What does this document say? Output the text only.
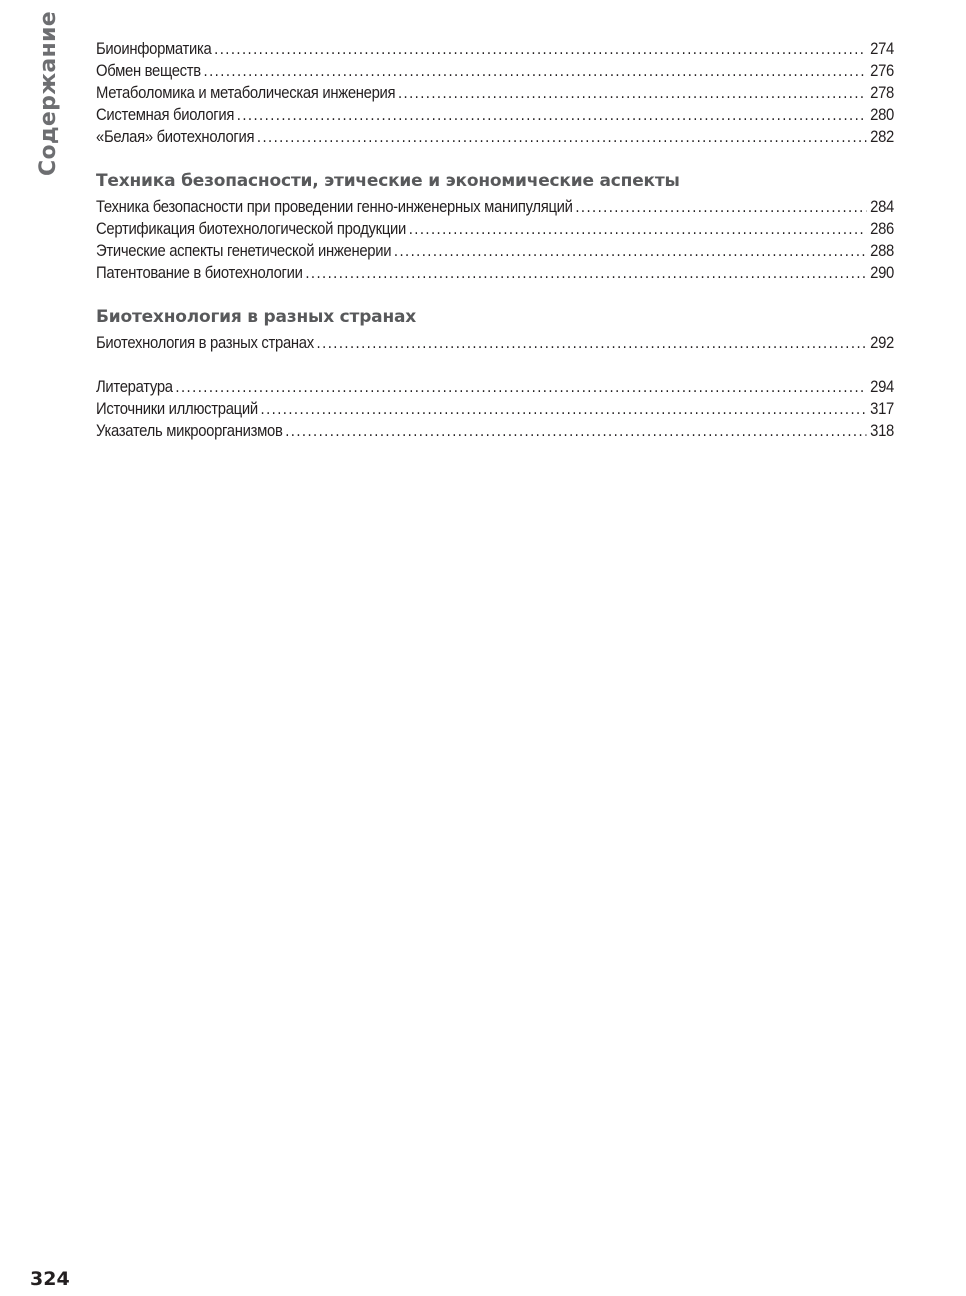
Содержание Биоинформатика .....	274
Обмен веществ .....	276
Метаболомика и метаболическая инженерия .....	278
Системная биология .....	280
«Белая» биотехнология .....	282
Техника безопасности, этические и экономические аспекты
Техника безопасности при проведении генно-инженерных манипуляций .....	284
Сертификация биотехнологической продукции .....	286
Этические аспекты генетической инженерии .....	288
Патентование в биотехнологии .....	290
Биотехнология в разных странах
Биотехнология в разных странах .....	292
Литература .....	294
Источники иллюстраций .....	317
Указатель микроорганизмов .....	318
324
